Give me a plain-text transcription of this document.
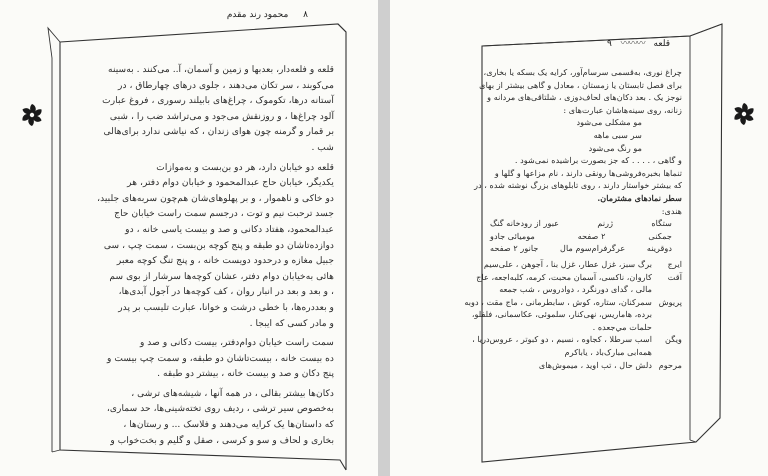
٨ محمود رند مقدم

قلعه و فلعه‌دار، بعدبها و زمین و آسمان، آ.. می‌کنند . به‌سینه
می‌کوبند ، سر تکان می‌دهند ، جلوی درهای چهارطاق ، در
آستانه درها، تکوموک ، چراغ‌های بابیلند رسوری ، فروغ عبارت
آلود چراغ‌ها ، و روزنقش می‌جود و می‌تراشد ضب را ، شبی
بر قمار و گرمنه چون هوای زندان ، که نیاشی ندارد برای‌هالی
شب .

قلعه دو خیابان دارد، هر دو بن‌بست و به‌موازات
یکدیگر، خیابان حاج عبدالمحمود و خیابان دوام دفتر، هر
دو خاکی و ناهموار ، و بر پهلوهای‌شان هم‌چون سربه‌های جلبید،
جسد ترحبت نیم و توت ، درجسم سمت راست خیابان حاج
عبدالمحمود، هفتاد دکانی و صد و بیست یاسی خانه ، دو
دوازده‌تاشان دو طبقه و پنج کوچه بن‌بست ، سمت چپ ، سی
جبیل مغازه و در‌حدود دویست خانه ، و پنج تنگ کوچه معبر
هائی به‌خیابان دوام دفتر، عشان کوچه‌ها سرشار از بوی سم
، و بعد و بعد در انبار روان ، کف کوچه‌ها در آجول آبدی‌ها،
و بعددره‌ها، با خطی درشت و خوانا، عبارت تلیسب بر پدر
و مادر کسی که ایبجا .

سمت راست خیابان دوام‌دفتر، بیست دکانی و صد و
ده بیست خانه ، بیست‌تاشان دو طبقه، و سمت چپ بیست و
پنج دکان و صد و بیست خانه ، بیشتر دو طبقه .

دکان‌ها بیشتر بقالی ، در همه آنها ، شیشه‌های ترشی ،
به‌خصوص سیر ترشی ، ردیف روی تخته‌شینی‌ها، حد سماری،
که داستان‌ها یک کرایه می‌دهند و فلاسک ... و رستان‌ها ،
بخاری و لحاف و سو و کرسی ، صقل و گلیم و بخت‌خواب و

قلعه 〰〰〰 ٩
چراغ نوری، به‌قسمی سرسام‌آور، کرایه یک بسکه یا بخاری،
برای فصل تابستان یا زمستان ، معادل و گاهی بیشتر از بهای
نوجز یک . بعد دکان‌های لحاف‌دوزی ، شلتاقی‌های مردانه و
زنانه، روی سینه‌هاشان عبارت‌های :
مو مشکلی می‌شود
سر سبی ماهه
مو رنگ می‌شود
و گاهی ، . . . . که جز بصورت براشیده نمی‌شود .
تنماها بخبره‌فروشی‌ها رونقی دارند ، نام مزاعها و گلها و
که بیشتر خواستار دارند ، روی تابلوهای بزرگ نوشته شده‌ ، در
سطر نمادهای مشترمان.
هندی:
ستگاه
ژرنم
عبور از رودخانه گنگ
جمکنی
۲ صفحه
مومیائی جادو
دوقرینه
عرگرفرام‌سوم مال
جانور ۲ صفحه
ایرجبرگ سبز، غزل عطار، غزل بنا ، آجوهن ، علی‌سیم
آقتکاروان، ناکسی، آسمان محبت، کرمه، کلبه‌اجعه، عاج
مالی ، گدای دورنگرد ، دوادروس ، شب جمعه
پریوشسمرکنان، ستاره، کوش ، سابطرمانی ، ماج مقت ، دوبه
برده، هاماریس، نهی‌کنار، سلموئی، عکاسمانی، فلفلو،
حلمات مي‌جعده .
ویگناسب سرطلا ، کجاوه ، نسیم ، دو کبوتر ، عروس‌دریا ،
همه‌ابی مبارک‌باد ، یاباکرم
مرحومدلش حال ، تب اوید ، میموش‌های
